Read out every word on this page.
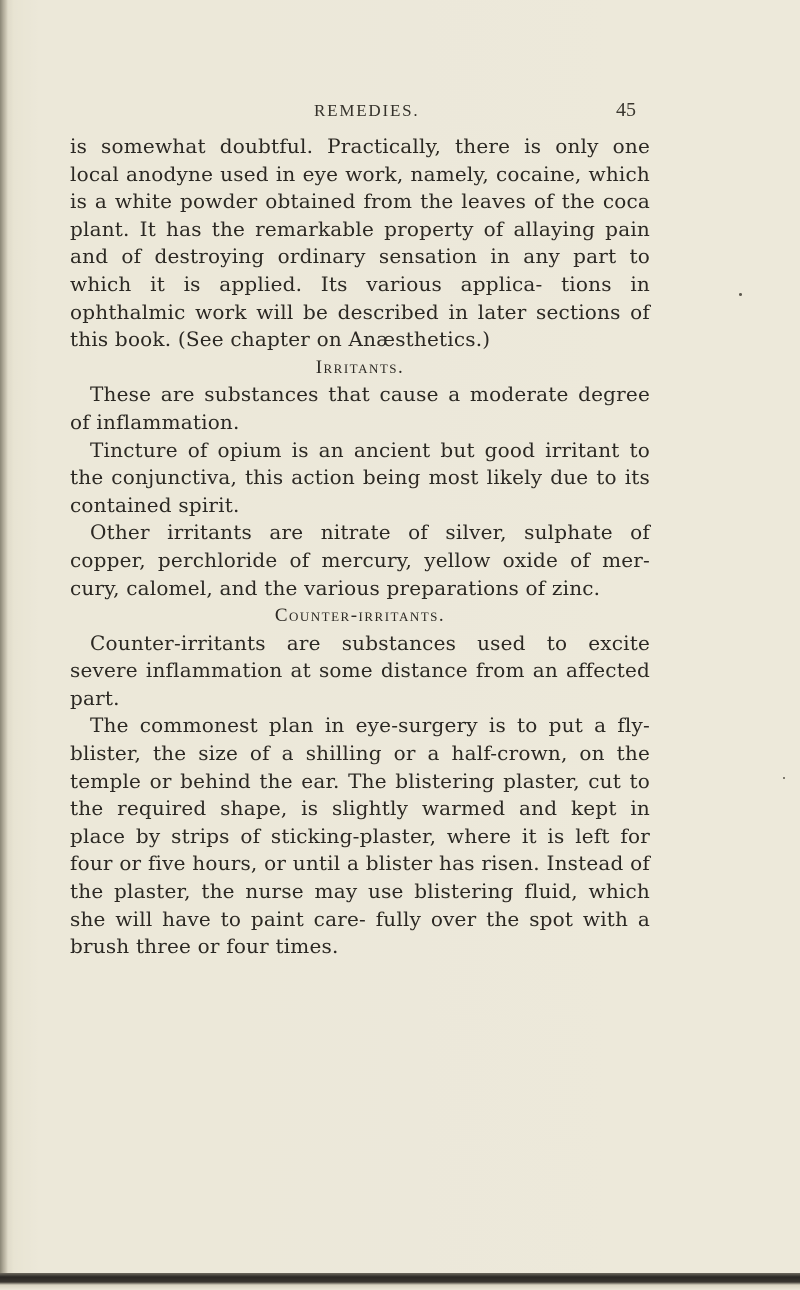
REMEDIES.	45

is somewhat doubtful. Practically, there is only one local anodyne used in eye work, namely, cocaine, which is a white powder obtained from the leaves of the coca plant. It has the remarkable property of allaying pain and of destroying ordinary sensation in any part to which it is applied. Its various applica- tions in ophthalmic work will be described in later sections of this book. (See chapter on Anæsthetics.)

Irritants.

These are substances that cause a moderate degree of inflammation.

Tincture of opium is an ancient but good irritant to the conjunctiva, this action being most likely due to its contained spirit.

Other irritants are nitrate of silver, sulphate of copper, perchloride of mercury, yellow oxide of mer- cury, calomel, and the various preparations of zinc.

Counter-irritants.

Counter-irritants are substances used to excite severe inflammation at some distance from an affected part.

The commonest plan in eye-surgery is to put a fly-blister, the size of a shilling or a half-crown, on the temple or behind the ear. The blistering plaster, cut to the required shape, is slightly warmed and kept in place by strips of sticking-plaster, where it is left for four or five hours, or until a blister has risen. Instead of the plaster, the nurse may use blistering fluid, which she will have to paint care- fully over the spot with a brush three or four times.
